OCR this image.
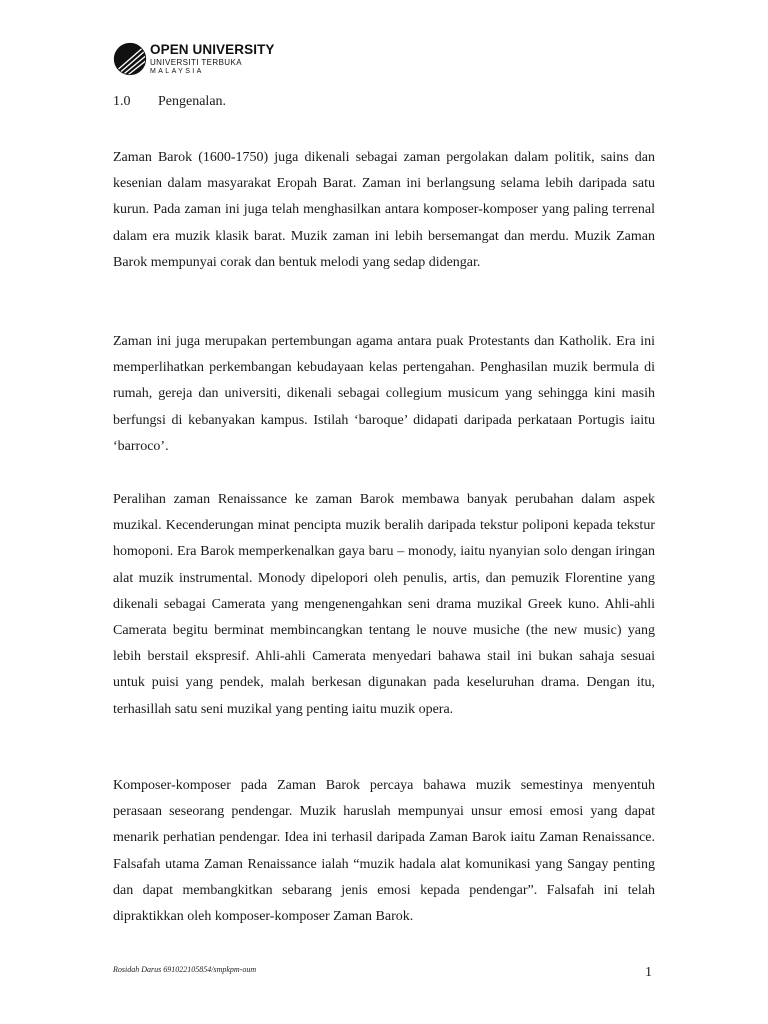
OPEN UNIVERSITY
UNIVERSITI TERBUKA
MALAYSIA
1.0	Pengenalan.

Zaman Barok (1600-1750) juga dikenali sebagai zaman pergolakan dalam politik, sains dan kesenian dalam masyarakat Eropah Barat. Zaman ini berlangsung selama lebih daripada satu kurun. Pada zaman ini juga telah menghasilkan antara komposer-komposer yang paling terrenal dalam era muzik klasik barat. Muzik zaman ini lebih bersemangat dan merdu. Muzik Zaman Barok mempunyai corak dan bentuk melodi yang sedap didengar.

Zaman ini juga merupakan pertembungan agama antara puak Protestants dan Katholik. Era ini memperlihatkan perkembangan kebudayaan kelas pertengahan. Penghasilan muzik bermula di rumah, gereja dan universiti, dikenali sebagai collegium musicum yang sehingga kini masih berfungsi di kebanyakan kampus. Istilah ‘baroque’ didapati daripada perkataan Portugis iaitu ‘barroco’.

Peralihan zaman Renaissance ke zaman Barok membawa banyak perubahan dalam aspek muzikal. Kecenderungan minat pencipta muzik beralih daripada tekstur poliponi kepada tekstur homoponi. Era Barok memperkenalkan gaya baru – monody, iaitu nyanyian solo dengan iringan alat muzik instrumental. Monody dipelopori oleh penulis, artis, dan pemuzik Florentine yang dikenali sebagai Camerata yang mengenengahkan seni drama muzikal Greek kuno. Ahli-ahli Camerata begitu berminat membincangkan tentang le nouve musiche (the new music) yang lebih berstail ekspresif. Ahli-ahli Camerata menyedari bahawa stail ini bukan sahaja sesuai untuk puisi yang pendek, malah berkesan digunakan pada keseluruhan drama. Dengan itu, terhasillah satu seni muzikal yang penting iaitu muzik opera.

Komposer-komposer pada Zaman Barok percaya bahawa muzik semestinya menyentuh perasaan seseorang pendengar. Muzik haruslah mempunyai unsur emosi emosi yang dapat menarik perhatian pendengar. Idea ini terhasil daripada Zaman Barok iaitu Zaman Renaissance. Falsafah utama Zaman Renaissance ialah “muzik hadala alat komunikasi yang Sangay penting dan dapat membangkitkan sebarang jenis emosi kepada pendengar”. Falsafah ini telah dipraktikkan oleh komposer-komposer Zaman Barok.

Rosidah Darus 691022105854/smpkpm-oum	1
